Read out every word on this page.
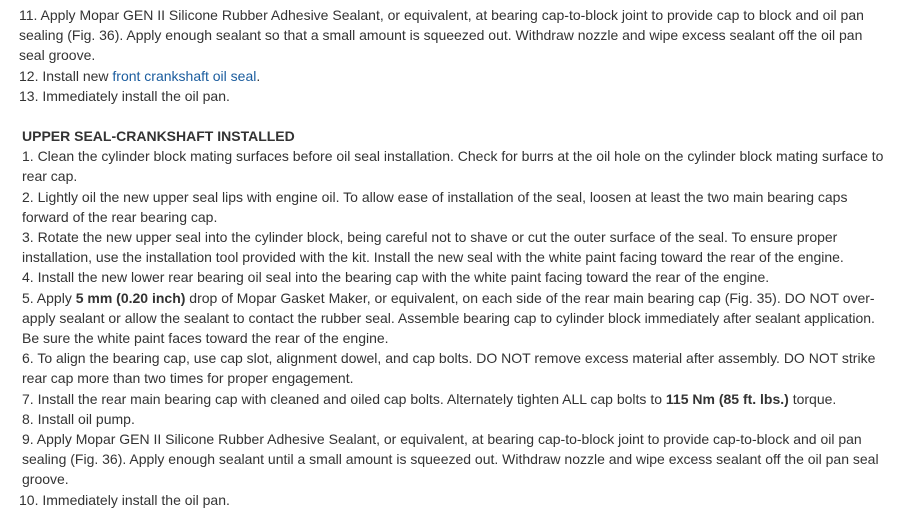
11. Apply Mopar GEN II Silicone Rubber Adhesive Sealant, or equivalent, at bearing cap-to-block joint to provide cap to block and oil pan sealing (Fig. 36). Apply enough sealant so that a small amount is squeezed out. Withdraw nozzle and wipe excess sealant off the oil pan seal groove.

12. Install new front crankshaft oil seal.

13. Immediately install the oil pan.

UPPER SEAL-CRANKSHAFT INSTALLED

1. Clean the cylinder block mating surfaces before oil seal installation. Check for burrs at the oil hole on the cylinder block mating surface to rear cap.

2. Lightly oil the new upper seal lips with engine oil. To allow ease of installation of the seal, loosen at least the two main bearing caps forward of the rear bearing cap.

3. Rotate the new upper seal into the cylinder block, being careful not to shave or cut the outer surface of the seal. To ensure proper installation, use the installation tool provided with the kit. Install the new seal with the white paint facing toward the rear of the engine.

4. Install the new lower rear bearing oil seal into the bearing cap with the white paint facing toward the rear of the engine.

5. Apply 5 mm (0.20 inch) drop of Mopar Gasket Maker, or equivalent, on each side of the rear main bearing cap (Fig. 35). DO NOT over-apply sealant or allow the sealant to contact the rubber seal. Assemble bearing cap to cylinder block immediately after sealant application. Be sure the white paint faces toward the rear of the engine.

6. To align the bearing cap, use cap slot, alignment dowel, and cap bolts. DO NOT remove excess material after assembly. DO NOT strike rear cap more than two times for proper engagement.

7. Install the rear main bearing cap with cleaned and oiled cap bolts. Alternately tighten ALL cap bolts to 115 Nm (85 ft. lbs.) torque.

8. Install oil pump.

9. Apply Mopar GEN II Silicone Rubber Adhesive Sealant, or equivalent, at bearing cap-to-block joint to provide cap-to-block and oil pan sealing (Fig. 36). Apply enough sealant until a small amount is squeezed out. Withdraw nozzle and wipe excess sealant off the oil pan seal groove.

10. Immediately install the oil pan.
